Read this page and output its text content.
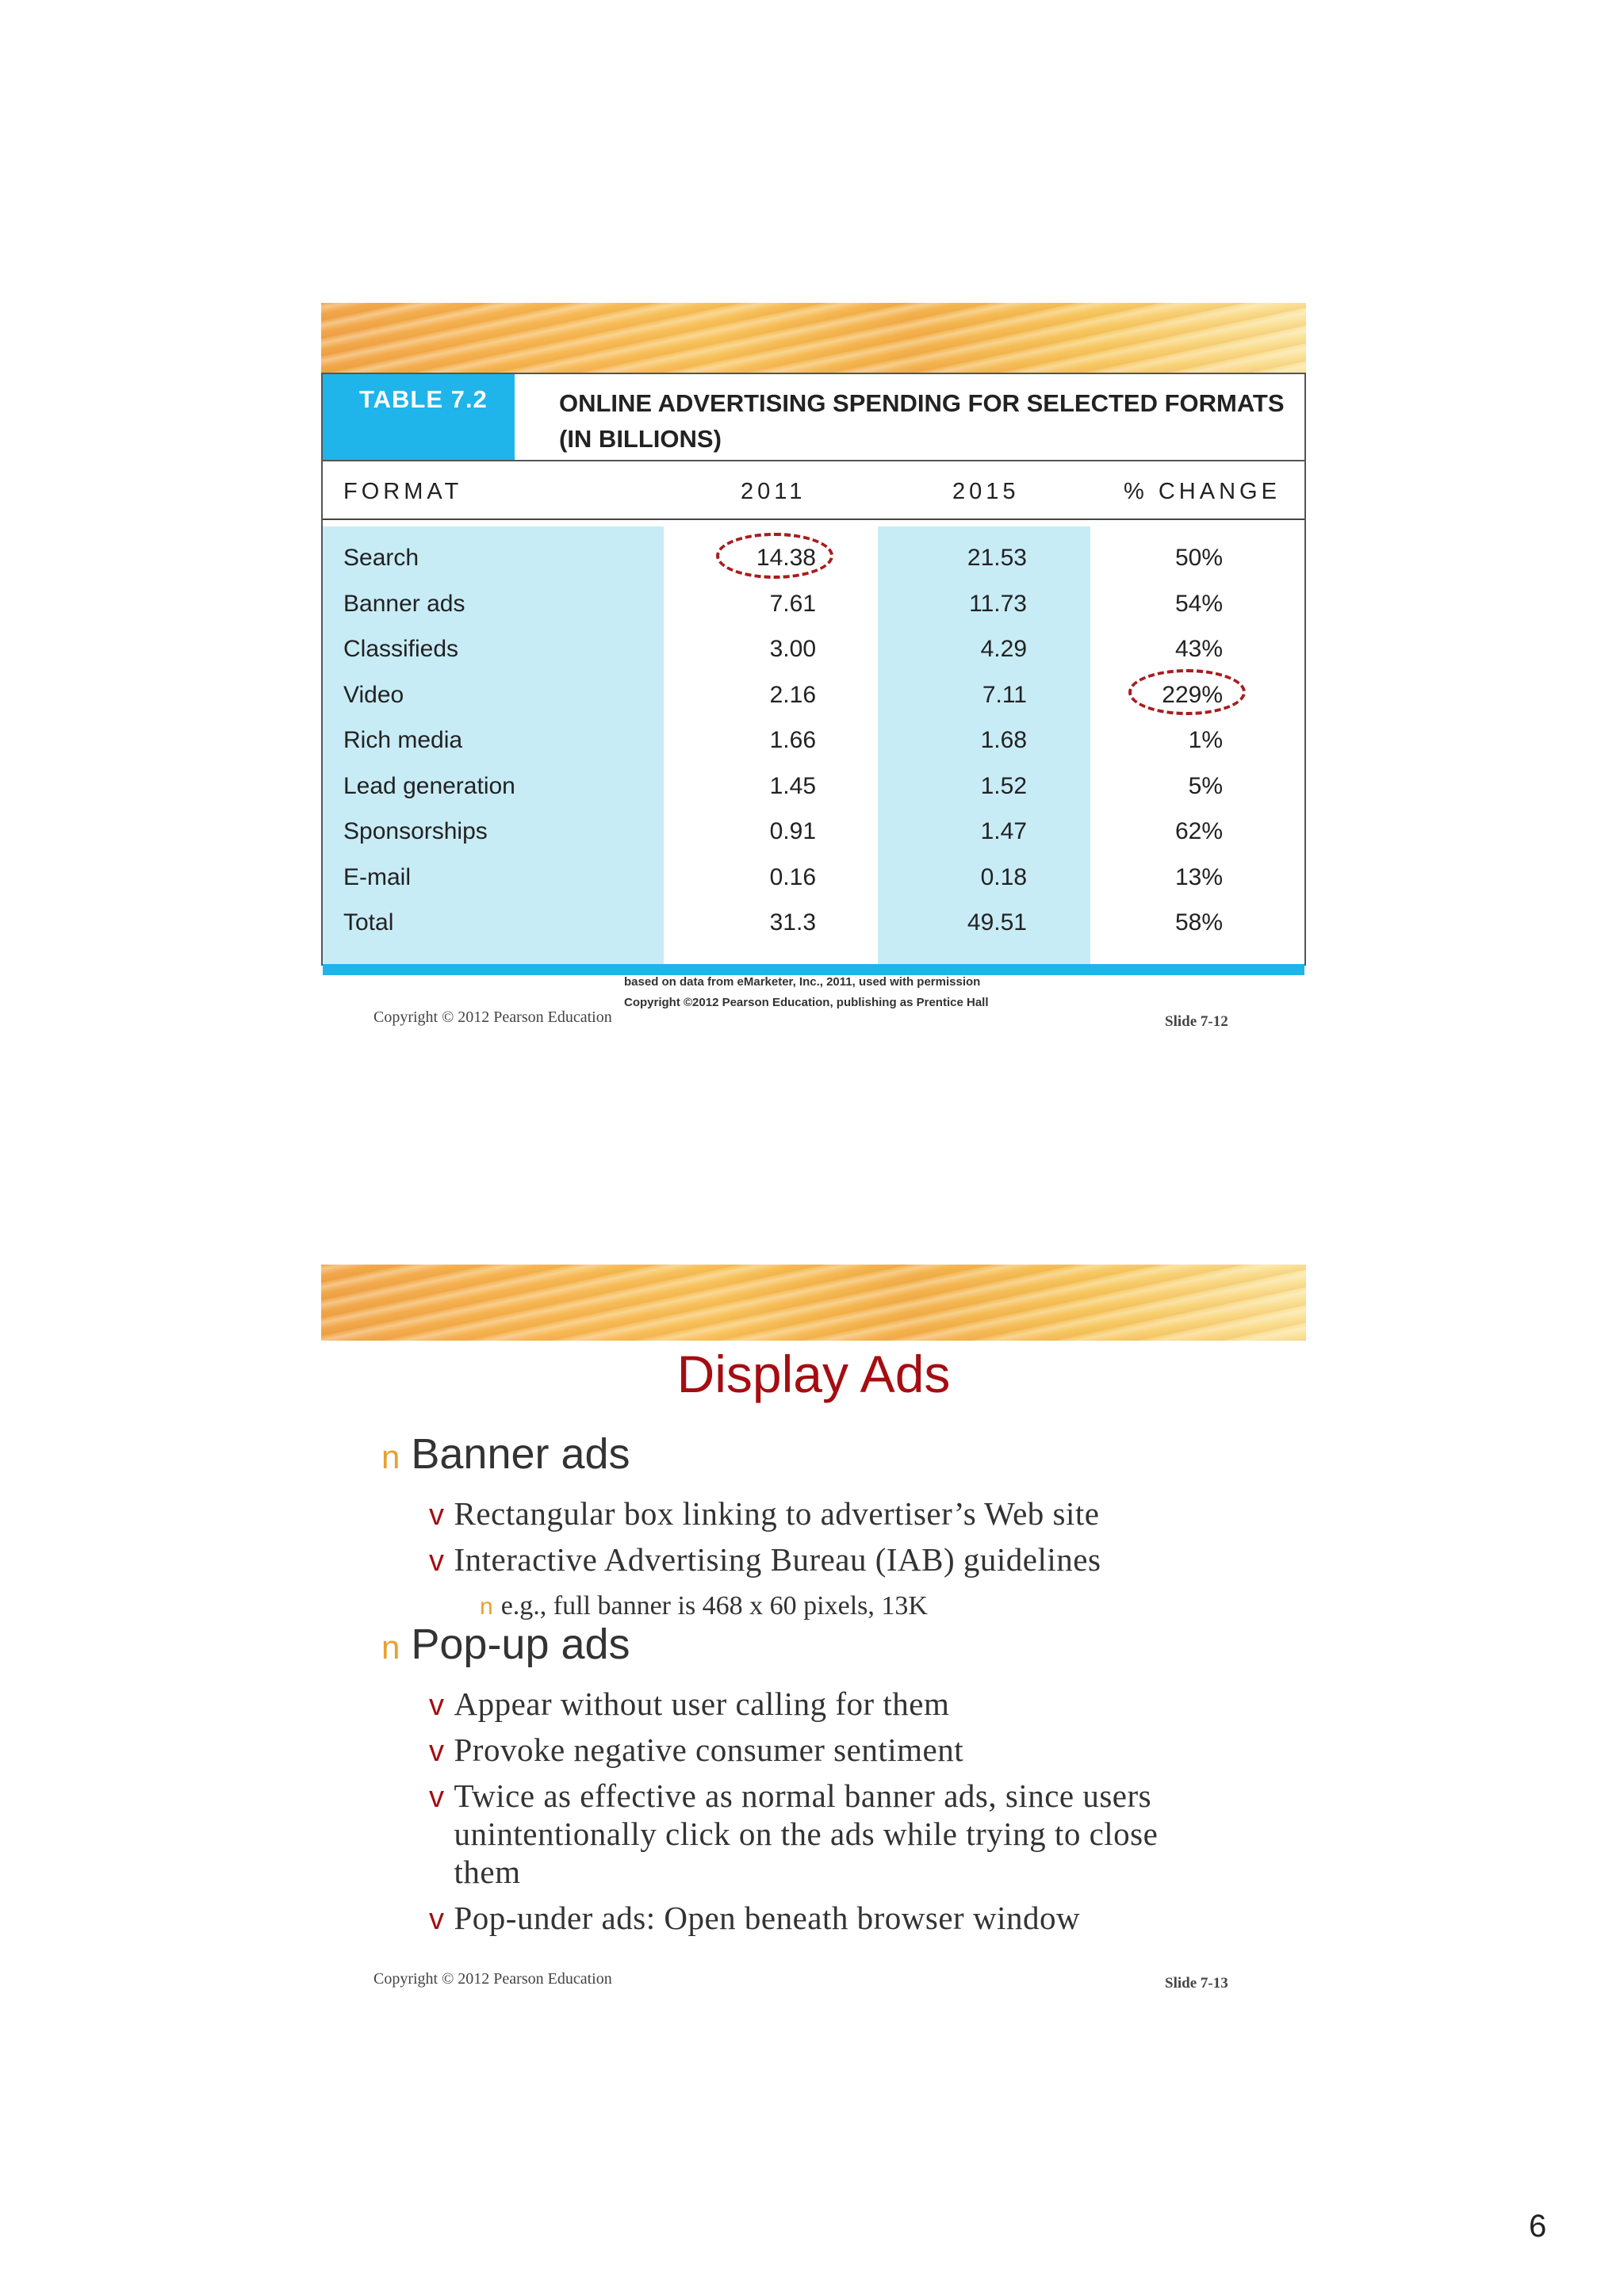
TABLE 7.2	ONLINE ADVERTISING SPENDING FOR SELECTED FORMATS
(IN BILLIONS)
FORMAT	2011	2015	% CHANGE
Search	14.38	21.53	50%
Banner ads	7.61	11.73	54%
Classifieds	3.00	4.29	43%
Video	2.16	7.11	229%
Rich media	1.66	1.68	1%
Lead generation	1.45	1.52	5%
Sponsorships	0.91	1.47	62%
E-mail	0.16	0.18	13%
Total	31.3	49.51	58%
based on data from eMarketer, Inc., 2011, used with permission
Copyright ©2012 Pearson Education, publishing as Prentice Hall
Copyright © 2012 Pearson Education	Slide 7-12
Display Ads
n Banner ads
v Rectangular box linking to advertiser’s Web site
v Interactive Advertising Bureau (IAB) guidelines
n e.g., full banner is 468 x 60 pixels, 13K
n Pop-up ads
v Appear without user calling for them
v Provoke negative consumer sentiment
v Twice as effective as normal banner ads, since users unintentionally click on the ads while trying to close them
v Pop-under ads: Open beneath browser window
Copyright © 2012 Pearson Education	Slide 7-13
6
